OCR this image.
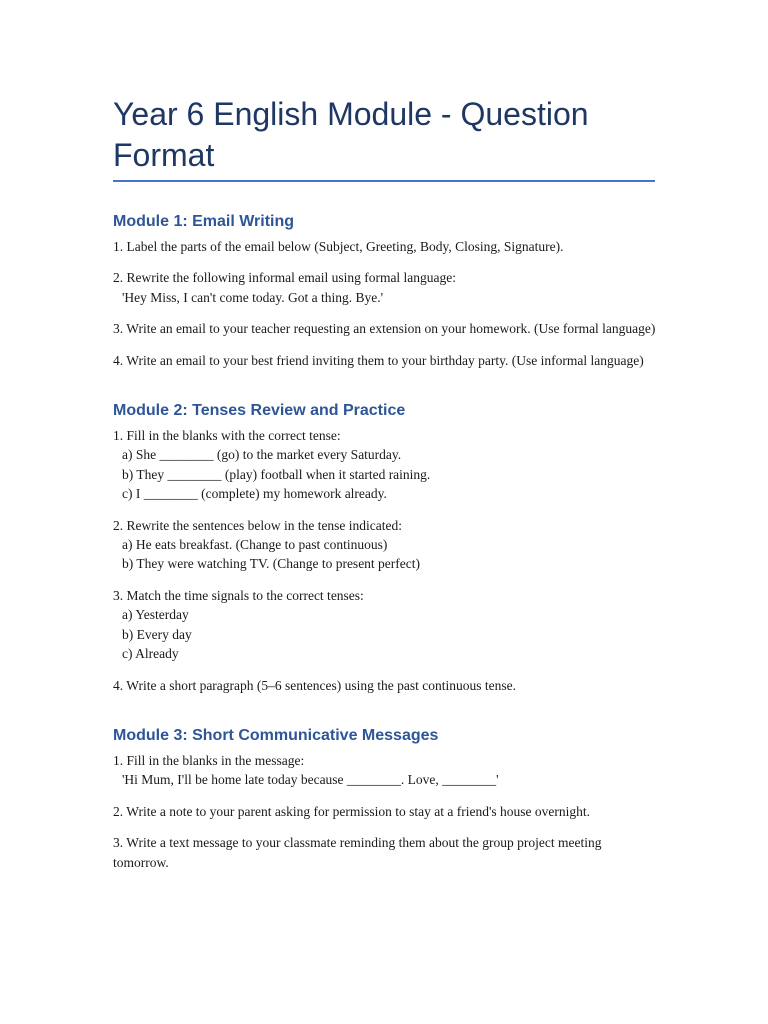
Year 6 English Module - Question Format
Module 1: Email Writing
1. Label the parts of the email below (Subject, Greeting, Body, Closing, Signature).
2. Rewrite the following informal email using formal language:
'Hey Miss, I can't come today. Got a thing. Bye.'
3. Write an email to your teacher requesting an extension on your homework. (Use formal language)
4. Write an email to your best friend inviting them to your birthday party. (Use informal language)
Module 2: Tenses Review and Practice
1. Fill in the blanks with the correct tense:
a) She ________ (go) to the market every Saturday.
b) They ________ (play) football when it started raining.
c) I ________ (complete) my homework already.
2. Rewrite the sentences below in the tense indicated:
a) He eats breakfast. (Change to past continuous)
b) They were watching TV. (Change to present perfect)
3. Match the time signals to the correct tenses:
a) Yesterday
b) Every day
c) Already
4. Write a short paragraph (5–6 sentences) using the past continuous tense.
Module 3: Short Communicative Messages
1. Fill in the blanks in the message:
'Hi Mum, I'll be home late today because ________. Love, ________'
2. Write a note to your parent asking for permission to stay at a friend's house overnight.
3. Write a text message to your classmate reminding them about the group project meeting tomorrow.
